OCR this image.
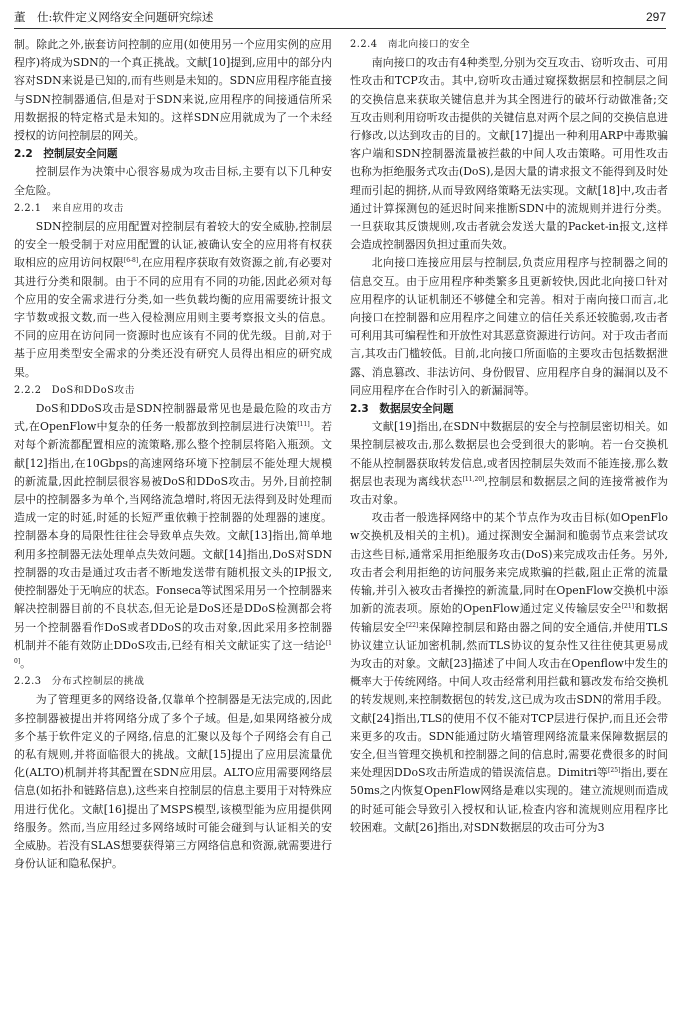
董　仕:软件定义网络安全问题研究综述	297

制。除此之外,嵌套访问控制的应用(如使用另一个应用实例的应用程序)将成为SDN的一个真正挑战。文献[10]提到,应用中的部分内容对SDN来说是已知的,而有些则是未知的。SDN应用程序能直接与SDN控制器通信,但是对于SDN来说,应用程序的间接通信所采用数据报的特定格式是未知的。这样SDN应用就成为了一个未经授权的访问控制层的网关。

2.2　控制层安全问题

控制层作为决策中心很容易成为攻击目标,主要有以下几种安全危险。

2.2.1　来自应用的攻击

SDN控制层的应用配置对控制层有着较大的安全威胁,控制层的安全一般受制于对应用配置的认证,被确认安全的应用将有权获取相应的应用访问权限[6-8],在应用程序获取有效资源之前,有必要对其进行分类和限制。由于不同的应用有不同的功能,因此必须对每个应用的安全需求进行分类,如一些负载均衡的应用需要统计报文字节数或报文数,而一些入侵检测应用则主要考察报文头的信息。不同的应用在访问同一资源时也应该有不同的优先级。目前,对于基于应用类型安全需求的分类还没有研究人员得出相应的研究成果。

2.2.2　DoS和DDoS攻击

DoS和DDoS攻击是SDN控制器最常见也是最危险的攻击方式,在OpenFlow中复杂的任务一般都放到控制层进行决策[11]。若对每个新流都配置相应的流策略,那么整个控制层将陷入瓶颈。文献[12]指出,在10Gbps的高速网络环境下控制层不能处理大规模的新流量,因此控制层很容易被DoS和DDoS攻击。另外,目前控制层中的控制器多为单个,当网络流急增时,将因无法得到及时处理而造成一定的时延,时延的长短严重依赖于控制器的处理器的速度。控制器本身的局限性往往会导致单点失效。文献[13]指出,简单地利用多控制器无法处理单点失效问题。文献[14]指出,DoS对SDN控制器的攻击是通过攻击者不断地发送带有随机报文头的IP报文,使控制器处于无响应的状态。Fonseca等试图采用另一个控制器来解决控制器目前的不良状态,但无论是DoS还是DDoS检测都会将另一个控制器看作DoS或者DDoS的攻击对象,因此采用多控制器机制并不能有效防止DDoS攻击,已经有相关文献证实了这一结论[10]。

2.2.3　分布式控制层的挑战

为了管理更多的网络设备,仅靠单个控制器是无法完成的,因此多控制器被提出并将网络分成了多个子域。但是,如果网络被分成多个基于软件定义的子网络,信息的汇聚以及每个子网络会有自己的私有规则,并将面临很大的挑战。文献[15]提出了应用层流量优化(ALTO)机制并将其配置在SDN应用层。ALTO应用需要网络层信息(如拓扑和链路信息),这些来自控制层的信息主要用于对特殊应用进行优化。文献[16]提出了MSPS模型,该模型能为应用提供网络服务。然而,当应用经过多网络域时可能会碰到与认证相关的安全威胁。若没有SLAS想要获得第三方网络信息和资源,就需要进行身份认证和隐私保护。

2.2.4　南北向接口的安全

南向接口的攻击有4种类型,分别为交互攻击、窃听攻击、可用性攻击和TCP攻击。其中,窃听攻击通过窥探数据层和控制层之间的交换信息来获取关键信息并为其全图进行的破坏行动做准备;交互攻击则利用窃听攻击提供的关键信息对两个层之间的交换信息进行修改,以达到攻击的目的。文献[17]提出一种利用ARP中毒欺骗客户端和SDN控制器流量被拦截的中间人攻击策略。可用性攻击也称为拒绝服务式攻击(DoS),是因大量的请求报文不能得到及时处理而引起的拥挤,从而导致网络策略无法实现。文献[18]中,攻击者通过计算探测包的延迟时间来推断SDN中的流规则并进行分类。一旦获取其反馈规则,攻击者就会发送大量的Packet-in报文,这样会造成控制器因负担过重而失效。

北向接口连接应用层与控制层,负责应用程序与控制器之间的信息交互。由于应用程序种类繁多且更新较快,因此北向接口针对应用程序的认证机制还不够健全和完善。相对于南向接口而言,北向接口在控制器和应用程序之间建立的信任关系还较脆弱,攻击者可利用其可编程性和开放性对其恶意资源进行访问。对于攻击者而言,其攻击门槛较低。目前,北向接口所面临的主要攻击包括数据泄露、消息篡改、非法访问、身份假冒、应用程序自身的漏洞以及不同应用程序在合作时引入的新漏洞等。

2.3　数据层安全问题

文献[19]指出,在SDN中数据层的安全与控制层密切相关。如果控制层被攻击,那么数据层也会受到很大的影响。若一台交换机不能从控制器获取转发信息,或者因控制层失效而不能连接,那么数据层也表现为离线状态[11,20],控制层和数据层之间的连接常被作为攻击对象。

攻击者一般选择网络中的某个节点作为攻击目标(如OpenFlow交换机及相关的主机)。通过探测安全漏洞和脆弱节点来尝试攻击这些目标,通常采用拒绝服务攻击(DoS)来完成攻击任务。另外,攻击者会利用拒绝的访问服务来完成欺骗的拦截,阻止正常的流量传输,并引入被攻击者操控的新流量,同时在OpenFlow交换机中添加新的流表项。原始的OpenFlow通过定义传输层安全[21]和数据传输层安全[22]来保障控制层和路由器之间的安全通信,并使用TLS协议建立认证加密机制,然而TLS协议的复杂性又往往使其更易成为攻击的对象。文献[23]描述了中间人攻击在Openflow中发生的概率大于传统网络。中间人攻击经常利用拦截和篡改发布给交换机的转发规则,来控制数据包的转发,这已成为攻击SDN的常用手段。文献[24]指出,TLS的使用不仅不能对TCP层进行保护,而且还会带来更多的攻击。SDN能通过防火墙管理网络流量来保障数据层的安全,但当管理交换机和控制器之间的信息时,需要花费很多的时间来处理因DDoS攻击所造成的错误流信息。Dimitri等[25]指出,要在50ms之内恢复OpenFlow网络是难以实现的。建立流规则而造成的时延可能会导致引入授权和认证,检查内容和流规则应用程序比较困难。文献[26]指出,对SDN数据层的攻击可分为3
